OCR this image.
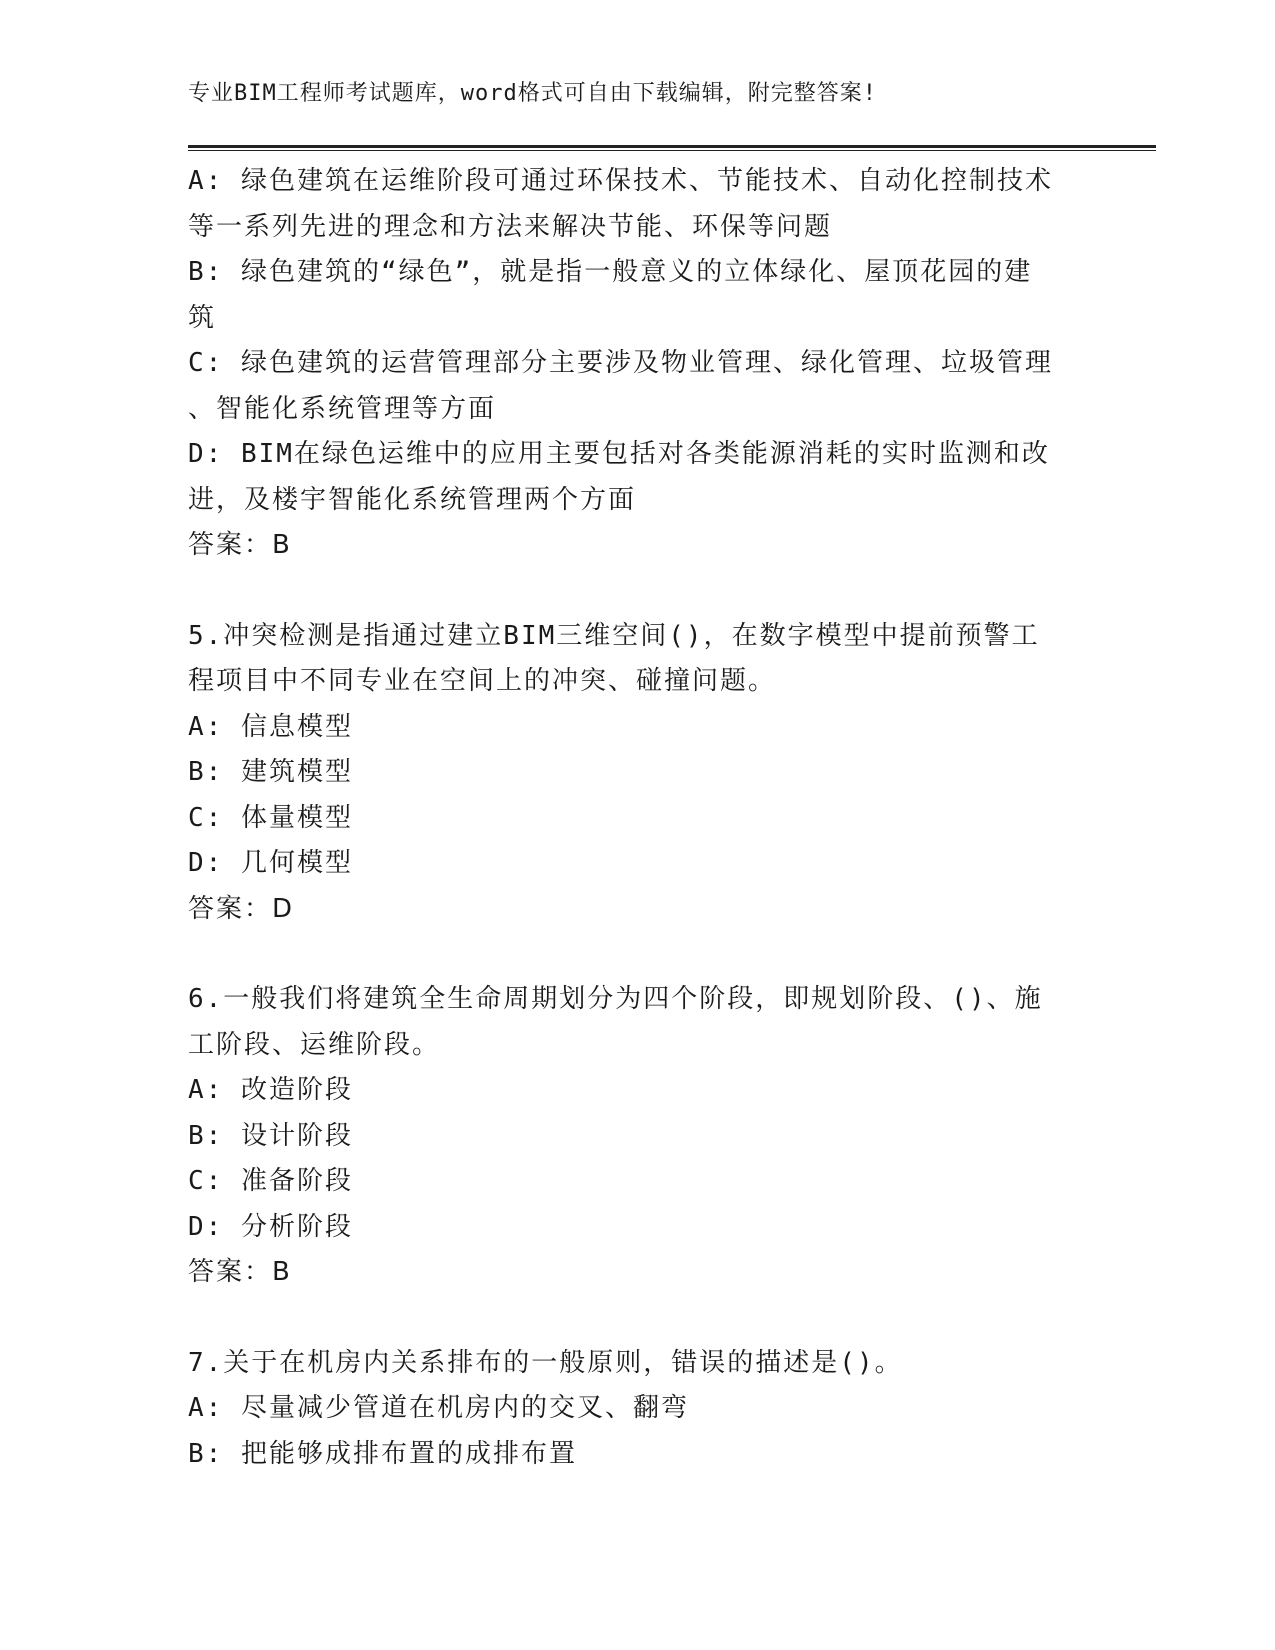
专业BIM工程师考试题库，word格式可自由下载编辑，附完整答案!
A: 绿色建筑在运维阶段可通过环保技术、节能技术、自动化控制技术
等一系列先进的理念和方法来解决节能、环保等问题
B: 绿色建筑的“绿色”，就是指一般意义的立体绿化、屋顶花园的建
筑
C: 绿色建筑的运营管理部分主要涉及物业管理、绿化管理、垃圾管理
、智能化系统管理等方面
D: BIM在绿色运维中的应用主要包括对各类能源消耗的实时监测和改
进，及楼宇智能化系统管理两个方面
答案：B
5.冲突检测是指通过建立BIM三维空间()，在数字模型中提前预警工
程项目中不同专业在空间上的冲突、碰撞问题。
A: 信息模型
B: 建筑模型
C: 体量模型
D: 几何模型
答案：D
6.一般我们将建筑全生命周期划分为四个阶段，即规划阶段、()、施
工阶段、运维阶段。
A: 改造阶段
B: 设计阶段
C: 准备阶段
D: 分析阶段
答案：B
7.关于在机房内关系排布的一般原则，错误的描述是()。
A: 尽量减少管道在机房内的交叉、翻弯
B: 把能够成排布置的成排布置
